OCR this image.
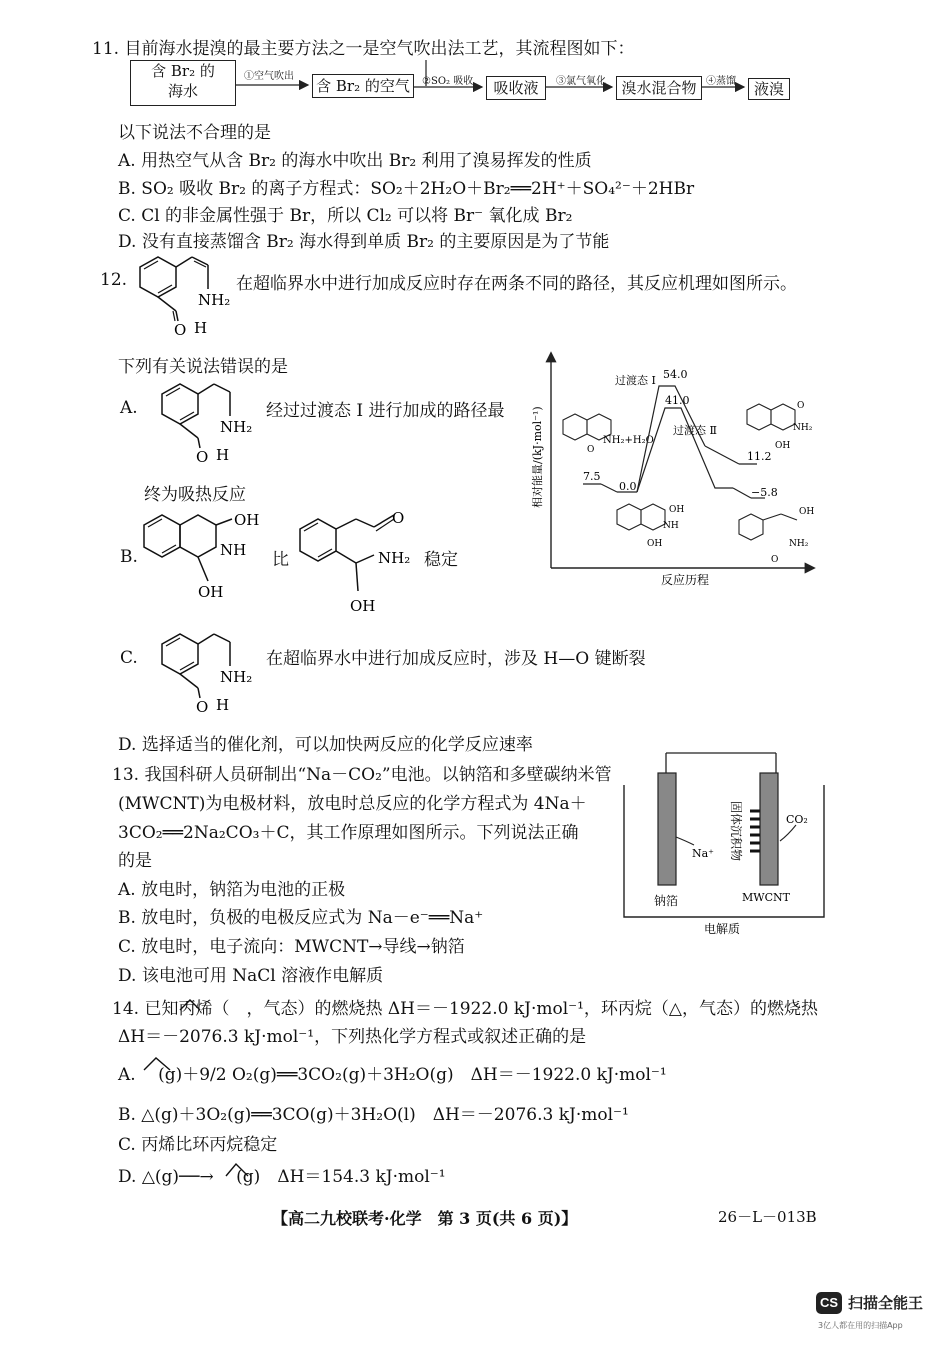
11. 目前海水提溴的最主要方法之一是空气吹出法工艺，其流程图如下：
含 Br₂ 的
海水
①空气吹出
含 Br₂ 的空气	②SO₂ 吸收	吸收液	③氯气氧化	溴水混合物 ④蒸馏	液溴
以下说法不合理的是
A. 用热空气从含 Br₂ 的海水中吹出 Br₂ 利用了溴易挥发的性质
B. SO₂ 吸收 Br₂ 的离子方程式：SO₂＋2H₂O＋Br₂══2H⁺＋SO₄²⁻＋2HBr
C. Cl 的非金属性强于 Br，所以 Cl₂ 可以将 Br⁻ 氧化成 Br₂
D. 没有直接蒸馏含 Br₂ 海水得到单质 Br₂ 的主要原因是为了节能
12.
NH₂
O H
在超临界水中进行加成反应时存在两条不同的路径，其反应机理如图所示。
下列有关说法错误的是
A.
NH₂
O H
经过过渡态 Ⅰ 进行加成的路径最
终为吸热反应
B.
OH
NH
OH
比
O
NH₂
OH
稳定
C.
NH₂
O H
在超临界水中进行加成反应时，涉及 H—O 键断裂
D. 选择适当的催化剂，可以加快两反应的化学反应速率
相对能量/(kJ·mol⁻¹)
反应历程
NH₂+H₂O
O
过渡态 Ⅰ 54.0
41.0
过渡态 Ⅱ
7.5
0.0
11.2
−5.8
O
NH₂
OH
OH
NH
OH
OH
NH₂
O
13. 我国科研人员研制出“Na－CO₂”电池。以钠箔和多壁碳纳米管
(MWCNT)为电极材料，放电时总反应的化学方程式为 4Na＋
3CO₂══2Na₂CO₃＋C，其工作原理如图所示。下列说法正确
的是
A. 放电时，钠箔为电池的正极
B. 放电时，负极的电极反应式为 Na－e⁻══Na⁺
C. 放电时，电子流向：MWCNT→导线→钠箔
D. 该电池可用 NaCl 溶液作电解质
Na⁺
CO₂
固体沉积物
钠箔	MWCNT
电解质
14. 已知丙烯（　，气态）的燃烧热 ΔH＝－1922.0 kJ·mol⁻¹，环丙烷（△，气态）的燃烧热
ΔH＝－2076.3 kJ·mol⁻¹，下列热化学方程式或叙述正确的是
A. 　(g)＋9/2 O₂(g)══3CO₂(g)＋3H₂O(g)　ΔH＝－1922.0 kJ·mol⁻¹
B. △(g)＋3O₂(g)══3CO(g)＋3H₂O(l)　ΔH＝－2076.3 kJ·mol⁻¹
C. 丙烯比环丙烷稳定
D. △(g)──→ 　(g)　ΔH＝154.3 kJ·mol⁻¹
【高二九校联考·化学　第 3 页(共 6 页)】	26－L－013B
CS 扫描全能王
3亿人都在用的扫描App
